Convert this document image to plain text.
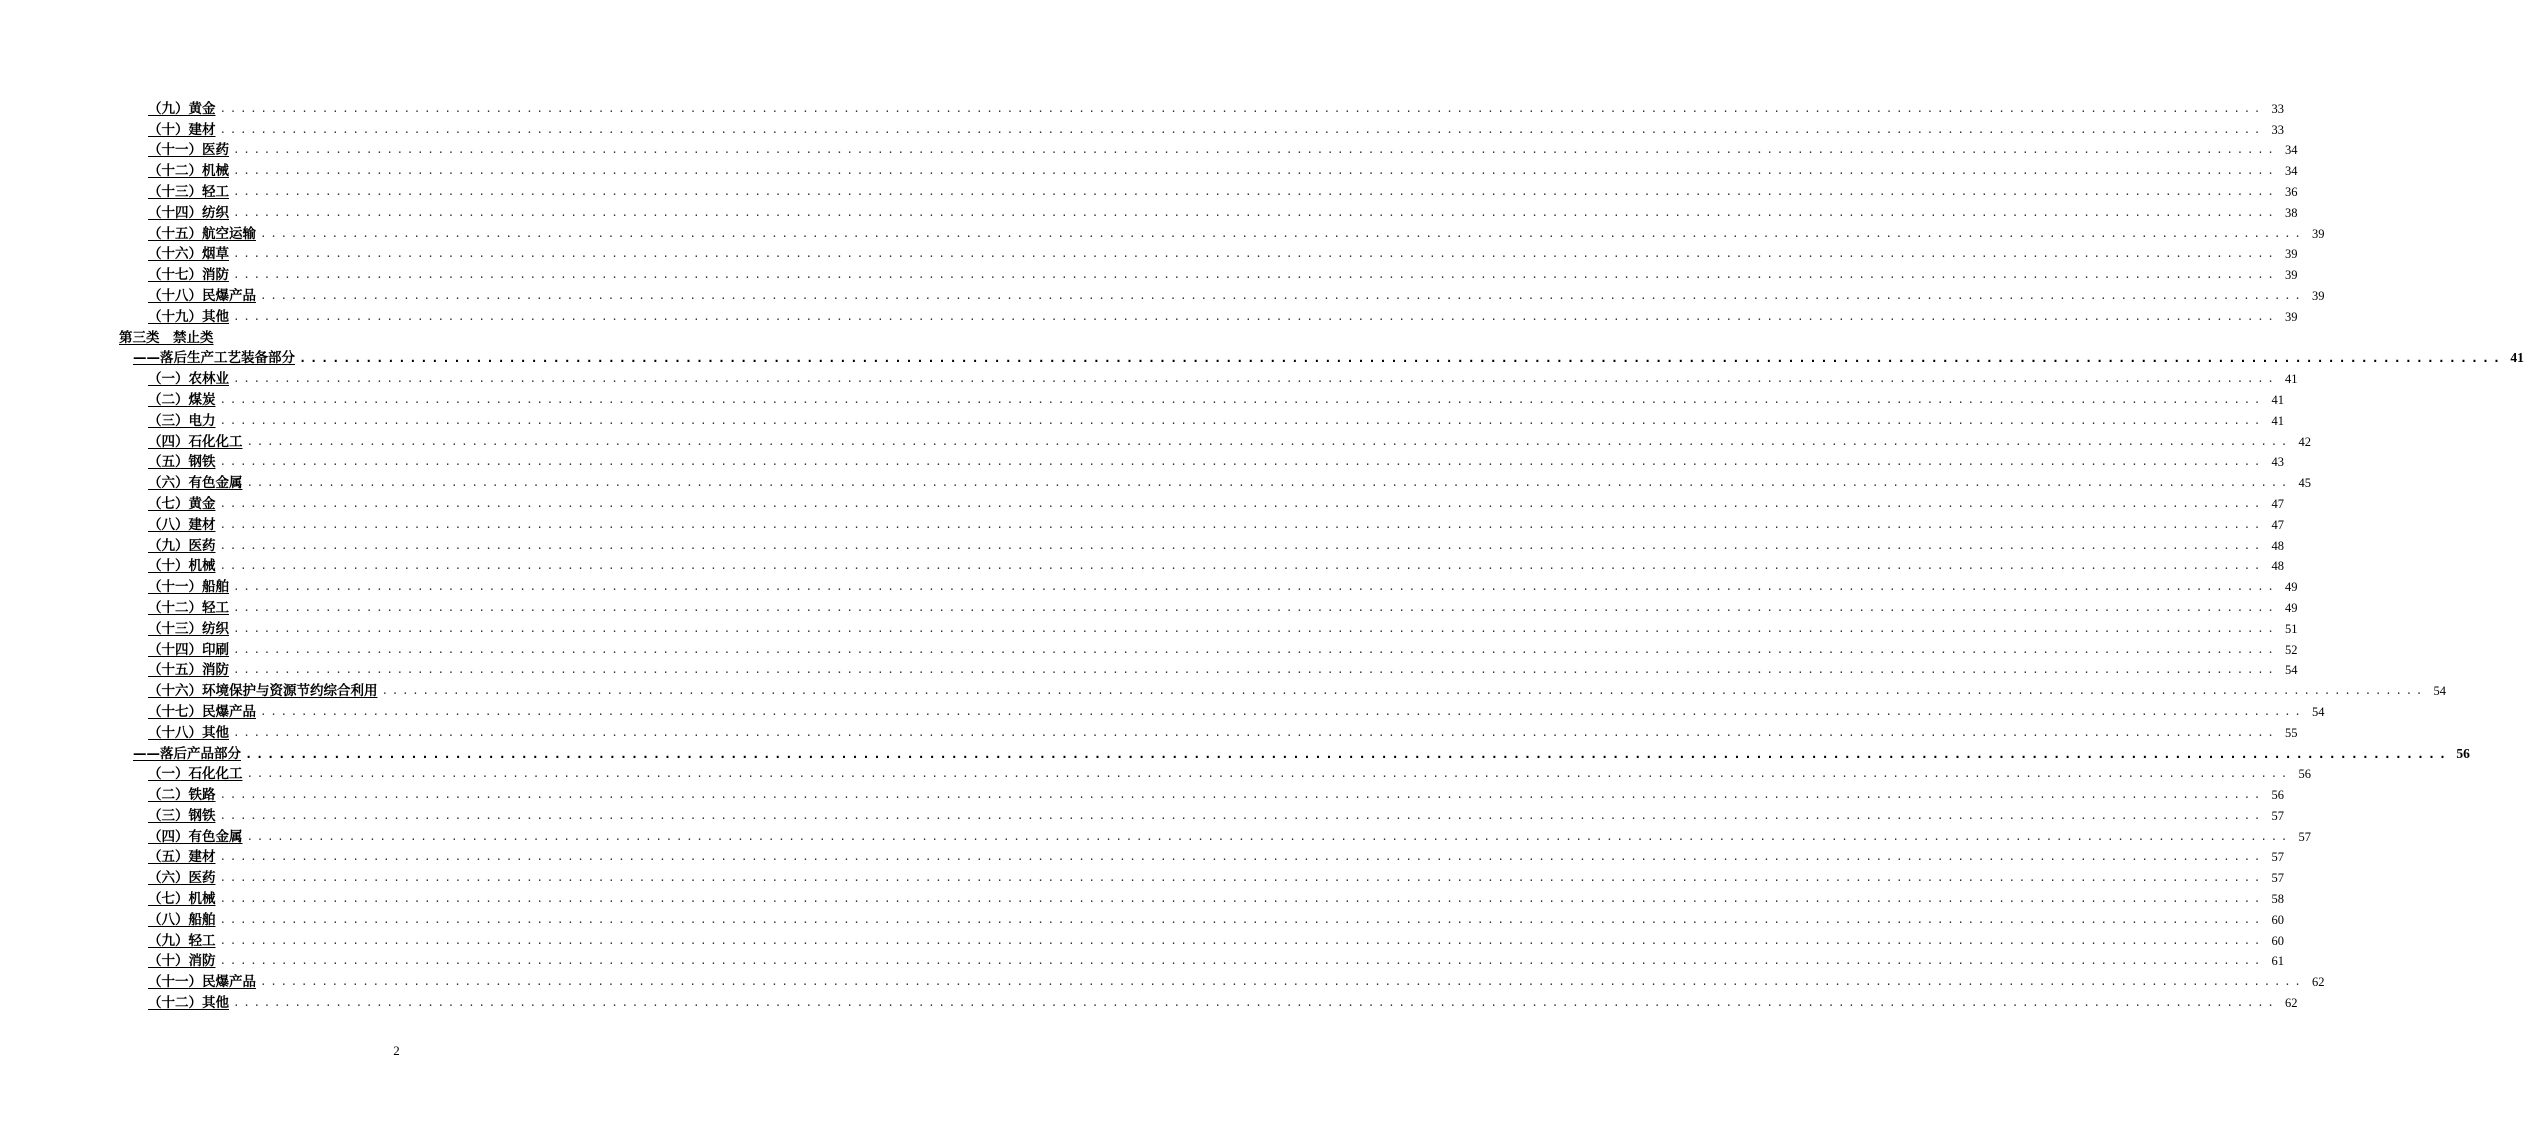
（九）黄金 ........................................................................................................................................................................................................ 33
（十）建材 ........................................................................................................................................................................................................ 33
（十一）医药 ........................................................................................................................................................................................................ 34
（十二）机械 ........................................................................................................................................................................................................ 34
（十三）轻工 ........................................................................................................................................................................................................ 36
（十四）纺织 ........................................................................................................................................................................................................ 38
（十五）航空运输 ........................................................................................................................................................................................................ 39
（十六）烟草 ........................................................................................................................................................................................................ 39
（十七）消防 ........................................................................................................................................................................................................ 39
（十八）民爆产品 ........................................................................................................................................................................................................ 39
（十九）其他 ........................................................................................................................................................................................................ 39
第三类　禁止类
——落后生产工艺装备部分 ........................................................................................................................................................................................................ 41
（一）农林业 ........................................................................................................................................................................................................ 41
（二）煤炭 ........................................................................................................................................................................................................ 41
（三）电力 ........................................................................................................................................................................................................ 41
（四）石化化工 ........................................................................................................................................................................................................ 42
（五）钢铁 ........................................................................................................................................................................................................ 43
（六）有色金属 ........................................................................................................................................................................................................ 45
（七）黄金 ........................................................................................................................................................................................................ 47
（八）建材 ........................................................................................................................................................................................................ 47
（九）医药 ........................................................................................................................................................................................................ 48
（十）机械 ........................................................................................................................................................................................................ 48
（十一）船舶 ........................................................................................................................................................................................................ 49
（十二）轻工 ........................................................................................................................................................................................................ 49
（十三）纺织 ........................................................................................................................................................................................................ 51
（十四）印刷 ........................................................................................................................................................................................................ 52
（十五）消防 ........................................................................................................................................................................................................ 54
（十六）环境保护与资源节约综合利用 ........................................................................................................................................................................................................ 54
（十七）民爆产品 ........................................................................................................................................................................................................ 54
（十八）其他 ........................................................................................................................................................................................................ 55
——落后产品部分 ........................................................................................................................................................................................................ 56
（一）石化化工 ........................................................................................................................................................................................................ 56
（二）铁路 ........................................................................................................................................................................................................ 56
（三）钢铁 ........................................................................................................................................................................................................ 57
（四）有色金属 ........................................................................................................................................................................................................ 57
（五）建材 ........................................................................................................................................................................................................ 57
（六）医药 ........................................................................................................................................................................................................ 57
（七）机械 ........................................................................................................................................................................................................ 58
（八）船舶 ........................................................................................................................................................................................................ 60
（九）轻工 ........................................................................................................................................................................................................ 60
（十）消防 ........................................................................................................................................................................................................ 61
（十一）民爆产品 ........................................................................................................................................................................................................ 62
（十二）其他 ........................................................................................................................................................................................................ 62
2
